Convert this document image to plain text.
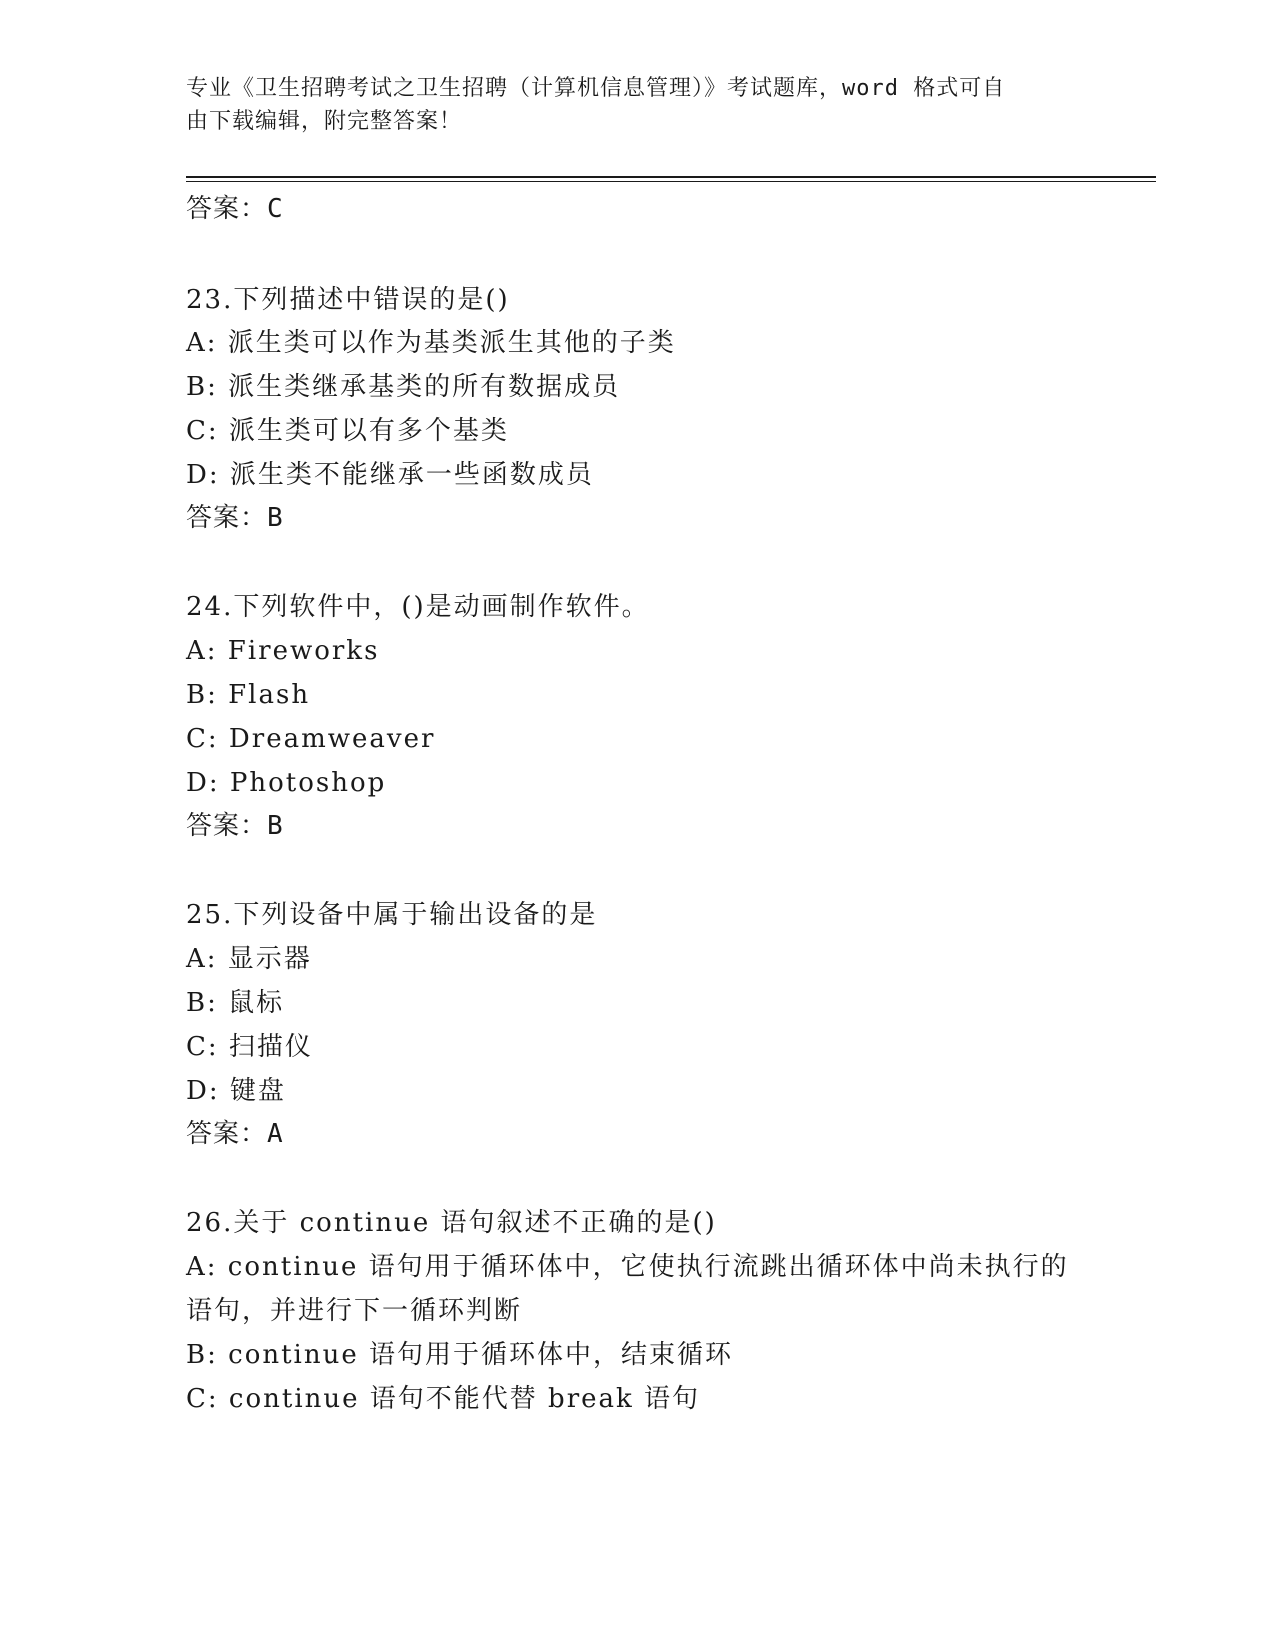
专业《卫生招聘考试之卫生招聘（计算机信息管理）》考试题库，word 格式可自
由下载编辑，附完整答案！
答案：C
23.下列描述中错误的是()
A: 派生类可以作为基类派生其他的子类
B: 派生类继承基类的所有数据成员
C: 派生类可以有多个基类
D: 派生类不能继承一些函数成员
答案：B
24.下列软件中，()是动画制作软件。
A: Fireworks
B: Flash
C: Dreamweaver
D: Photoshop
答案：B
25.下列设备中属于输出设备的是
A: 显示器
B: 鼠标
C: 扫描仪
D: 键盘
答案：A
26.关于 continue 语句叙述不正确的是()
A: continue 语句用于循环体中，它使执行流跳出循环体中尚未执行的
语句，并进行下一循环判断
B: continue 语句用于循环体中，结束循环
C: continue 语句不能代替 break 语句
